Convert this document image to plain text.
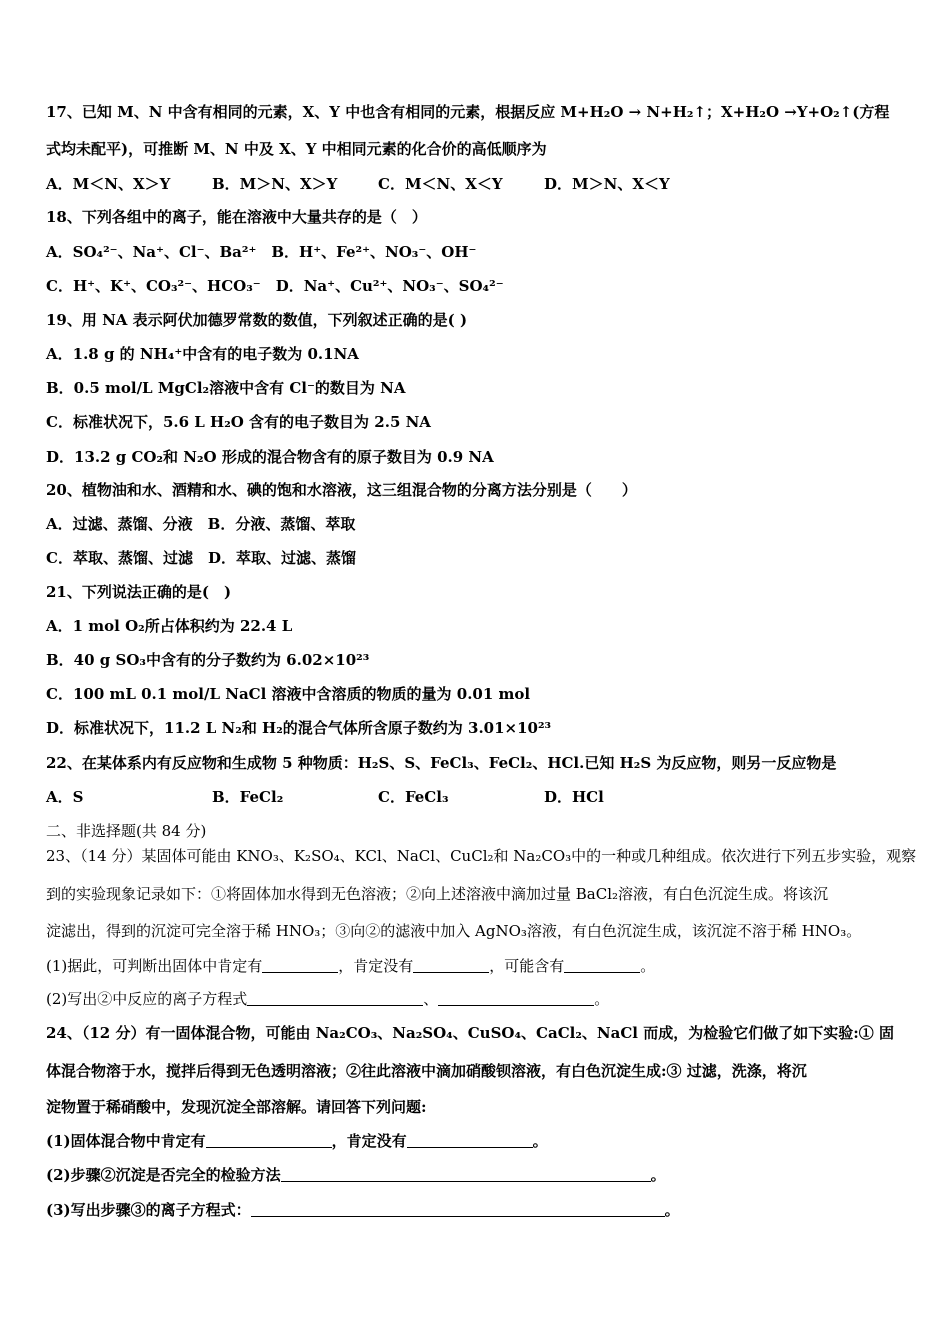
17、已知 M、N 中含有相同的元素，X、Y 中也含有相同的元素，根据反应 M+H₂O → N+H₂↑；X+H₂O →Y+O₂↑(方程
式均未配平)，可推断 M、N 中及 X、Y 中相同元素的化合价的高低顺序为
A．M＜N、X＞Y	B．M＞N、X＞Y	C．M＜N、X＜Y	D．M＞N、X＜Y
18、下列各组中的离子，能在溶液中大量共存的是（　）
A．SO₄²⁻、Na⁺、Cl⁻、Ba²⁺　B．H⁺、Fe²⁺、NO₃⁻、OH⁻
C．H⁺、K⁺、CO₃²⁻、HCO₃⁻　D．Na⁺、Cu²⁺、NO₃⁻、SO₄²⁻
19、用 NA 表示阿伏加德罗常数的数值，下列叙述正确的是( )
A．1.8 g 的 NH₄⁺中含有的电子数为 0.1NA
B．0.5 mol/L MgCl₂溶液中含有 Cl⁻的数目为 NA
C．标准状况下，5.6 L H₂O 含有的电子数目为 2.5 NA
D．13.2 g CO₂和 N₂O 形成的混合物含有的原子数目为 0.9 NA
20、植物油和水、酒精和水、碘的饱和水溶液，这三组混合物的分离方法分别是（　　）
A．过滤、蒸馏、分液　B．分液、蒸馏、萃取
C．萃取、蒸馏、过滤　D．萃取、过滤、蒸馏
21、下列说法正确的是(　)
A．1 mol O₂所占体积约为 22.4 L
B．40 g SO₃中含有的分子数约为 6.02×10²³
C．100 mL 0.1 mol/L NaCl 溶液中含溶质的物质的量为 0.01 mol
D．标准状况下，11.2 L N₂和 H₂的混合气体所含原子数约为 3.01×10²³
22、在某体系内有反应物和生成物 5 种物质：H₂S、S、FeCl₃、FeCl₂、HCl.已知 H₂S 为反应物，则另一反应物是
A．S	B．FeCl₂	C．FeCl₃	D．HCl
二、非选择题(共 84 分)
23、（14 分）某固体可能由 KNO₃、K₂SO₄、KCl、NaCl、CuCl₂和 Na₂CO₃中的一种或几种组成。依次进行下列五步实验，观察
到的实验现象记录如下：①将固体加水得到无色溶液；②向上述溶液中滴加过量 BaCl₂溶液，有白色沉淀生成。将该沉
淀滤出，得到的沉淀可完全溶于稀 HNO₃；③向②的滤液中加入 AgNO₃溶液，有白色沉淀生成，该沉淀不溶于稀 HNO₃。
(1)据此，可判断出固体中肯定有	，肯定没有	，可能含有	。
(2)写出②中反应的离子方程式	、	。
24、（12 分）有一固体混合物，可能由 Na₂CO₃、Na₂SO₄、CuSO₄、CaCl₂、NaCl 而成，为检验它们做了如下实验:① 固
体混合物溶于水，搅拌后得到无色透明溶液；②往此溶液中滴加硝酸钡溶液，有白色沉淀生成:③ 过滤，洗涤，将沉
淀物置于稀硝酸中，发现沉淀全部溶解。请回答下列问题:
(1)固体混合物中肯定有	，肯定没有	。
(2)步骤②沉淀是否完全的检验方法	。
(3)写出步骤③的离子方程式：	。
